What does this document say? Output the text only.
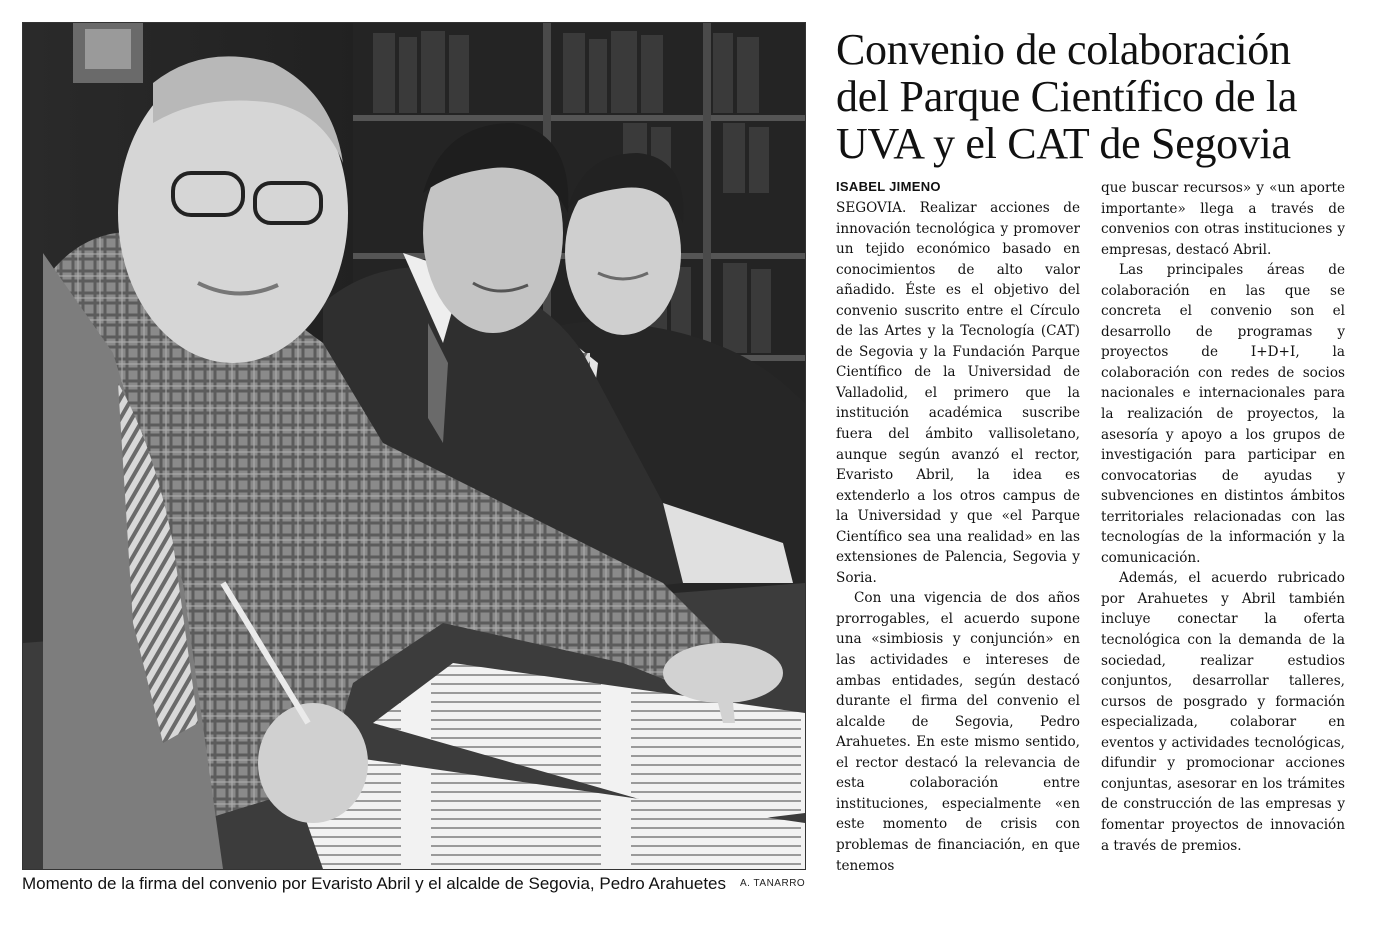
Momento de la firma del convenio por Evaristo Abril y el alcalde de Segovia, Pedro Arahuetes A. TANARRO
Convenio de colaboración
del Parque Científico de la
UVA y el CAT de Segovia
ISABEL JIMENO

SEGOVIA. Realizar acciones de innovación tecnológica y promover un tejido económico basado en conocimientos de alto valor añadido. Éste es el objetivo del convenio suscrito entre el Círculo de las Artes y la Tecnología (CAT) de Segovia y la Fundación Parque Científico de la Universidad de Valladolid, el primero que la institución académica suscribe fuera del ámbito vallisoletano, aunque según avanzó el rector, Evaristo Abril, la idea es extenderlo a los otros campus de la Universidad y que «el Parque Científico sea una realidad» en las extensiones de Palencia, Segovia y Soria.

Con una vigencia de dos años prorrogables, el acuerdo supone una «simbiosis y conjunción» en las actividades e intereses de ambas entidades, según destacó durante el firma del convenio el alcalde de Segovia, Pedro Arahuetes. En este mismo sentido, el rector destacó la relevancia de esta colaboración entre instituciones, especialmente «en este momento de crisis con problemas de financiación, en que tenemos

que buscar recursos» y «un aporte importante» llega a través de convenios con otras instituciones y empresas, destacó Abril.

Las principales áreas de colaboración en las que se concreta el convenio son el desarrollo de programas y proyectos de I+D+I, la colaboración con redes de socios nacionales e internacionales para la realización de proyectos, la asesoría y apoyo a los grupos de investigación para participar en convocatorias de ayudas y subvenciones en distintos ámbitos territoriales relacionadas con las tecnologías de la información y la comunicación.

Además, el acuerdo rubricado por Arahuetes y Abril también incluye conectar la oferta tecnológica con la demanda de la sociedad, realizar estudios conjuntos, desarrollar talleres, cursos de posgrado y formación especializada, colaborar en eventos y actividades tecnológicas, difundir y promocionar acciones conjuntas, asesorar en los trámites de construcción de las empresas y fomentar proyectos de innovación a través de premios.
